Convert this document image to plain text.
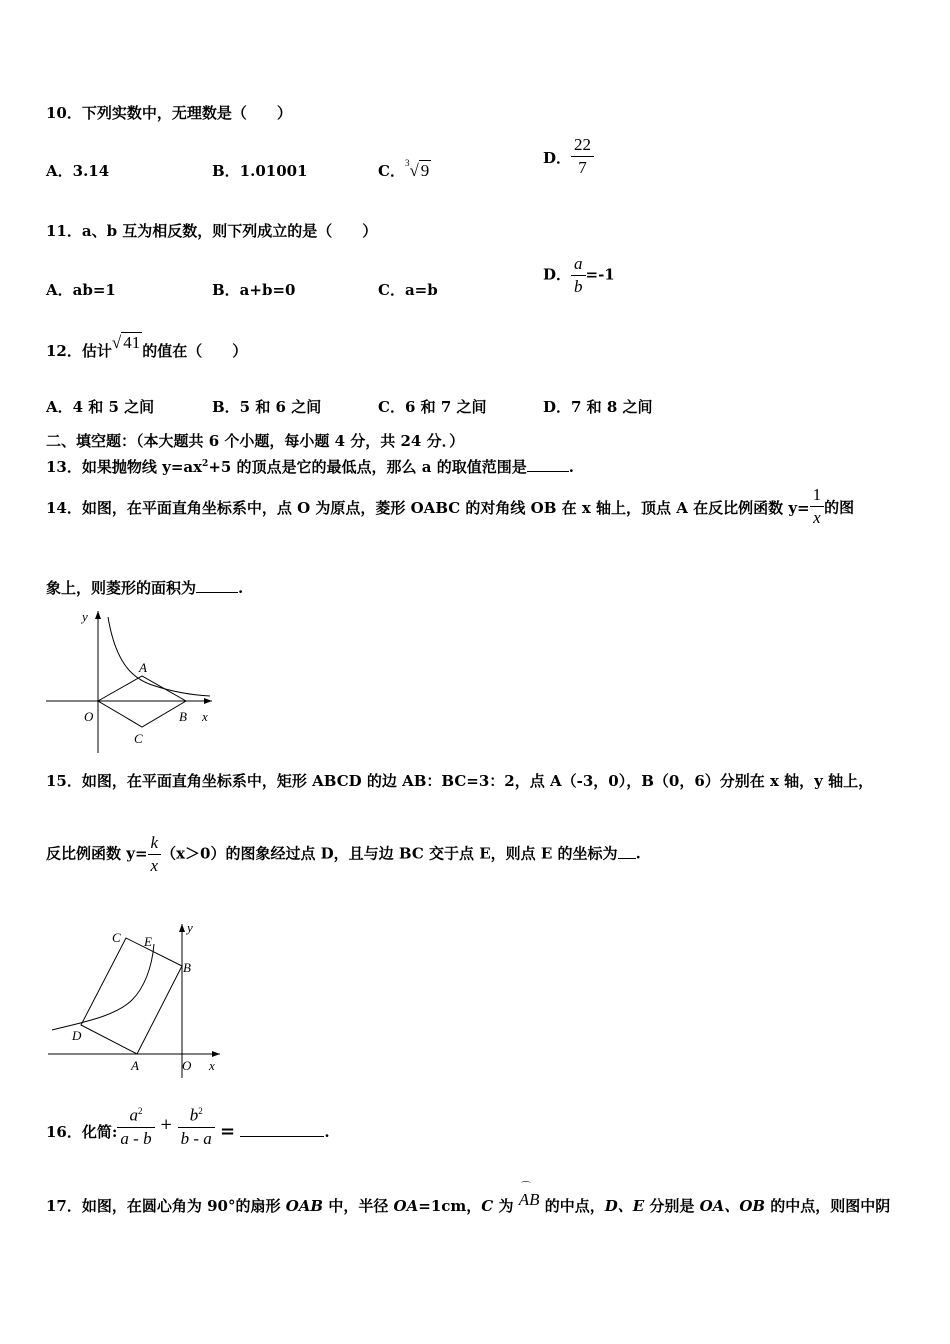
10．下列实数中，无理数是（　　）
A．3.14	B．1.01001	C．$^3$√ 9
D． $\frac{22}{7}$
11．a、b 互为相反数，则下列成立的是（　　）
A．ab=1	B．a+b=0	C．a=b
D． $\frac{a}{b} =-1$
12．估计√ 41 的值在（　　）
A．4 和 5 之间	B．5 和 6 之间	C．6 和 7 之间	D．7 和 8 之间
二、填空题：（本大题共 6 个小题，每小题 4 分，共 24 分．）
13．如果抛物线 $y=ax^2+5$ 的顶点是它的最低点，那么 a 的取值范围是	.
14．如图，在平面直角坐标系中，点 O 为原点，菱形 OABC 的对角线 OB 在 x 轴上，顶点 A 在反比例函数 $y= \frac{1}{x}$ 的图
象上，则菱形的面积为	.
y
x
O
A
B
C
15．如图，在平面直角坐标系中，矩形 ABCD 的边 AB：BC=3：2，点 A（-3，0），B（0，6）分别在 x 轴，y 轴上，
反比例函数 $y= \frac{k}{x} (x>0)$的图象经过点 D，且与边 BC 交于点 E，则点 E 的坐标为 .
y
x
O
A
B
C
D
E
16．化简: $\frac{a^2}{a - b} + \frac{b^2}{b - a}$ =	.
17．如图，在圆心角为 90°的扇形 OAB 中，半径 OA=1cm，C 为
⌒
AB 的中点，D、E 分别是 OA、OB 的中点，则图中阴
